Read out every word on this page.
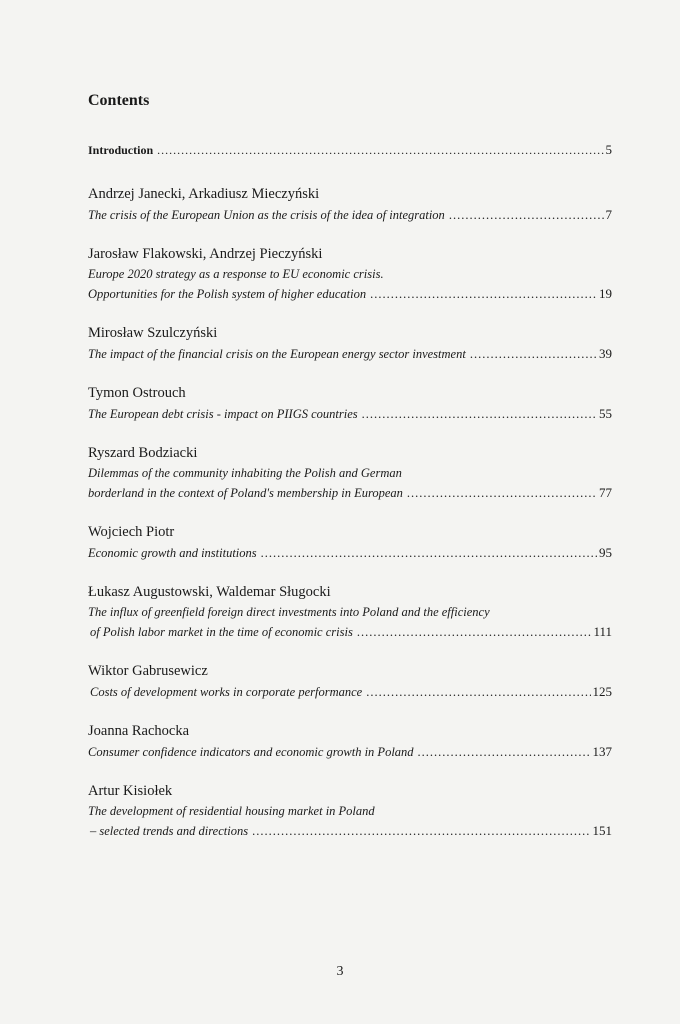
Contents
Introduction .....	5
Andrzej Janecki, Arkadiusz Mieczyński
The crisis of the European Union as the crisis of the idea of integration .....	7
Jarosław Flakowski, Andrzej Pieczyński
Europe 2020 strategy as a response to EU economic crisis.
Opportunities for the Polish system of higher education .....	19
Mirosław Szulczyński
The impact of the financial crisis on the European energy sector investment .....	39
Tymon Ostrouch
The European debt crisis - impact on PIIGS countries .....	55
Ryszard Bodziacki
Dilemmas of the community inhabiting the Polish and German
borderland in the context of Poland's membership in European .....	77
Wojciech Piotr
Economic growth and institutions .....	95
Łukasz Augustowski, Waldemar Sługocki
The influx of greenfield foreign direct investments into Poland and the efficiency
of Polish labor market in the time of economic crisis .....	111
Wiktor Gabrusewicz
Costs of development works in corporate performance .....	125
Joanna Rachocka
Consumer confidence indicators and economic growth in Poland .....	137
Artur Kisiołek
The development of residential housing market in Poland
– selected trends and directions .....	151
3
